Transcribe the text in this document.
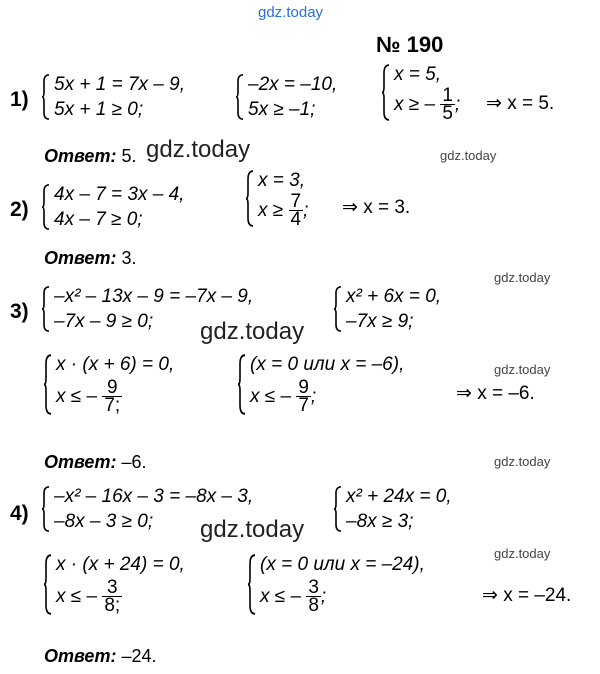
gdz.today
gdz.today	gdz.today
gdz.today
gdz.today
gdz.today
gdz.today
gdz.today
gdz.today
№ 190
1)
5x + 1 = 7x – 9,
5x + 1 ≥ 0;
–2x = –10,
5x ≥ –1;
x = 5,
x ≥ – $\frac{1}{5}$ ; ⇒ x = 5.
Ответ: 5.
2)
4x – 7 = 3x – 4,
4x – 7 ≥ 0;
x = 3,
$x \ge \frac{7}{4}$ ; ⇒ x = 3.
Ответ: 3.
3)
–x² – 13x – 9 = –7x – 9,
–7x – 9 ≥ 0;
x² + 6x = 0,
–7x ≥ 9;
x · (x + 6) = 0,
x ≤ – $\frac{9}{7;}$
(x = 0 или x = –6),
x ≤ – $\frac{9}{7}$ ;	⇒ x = –6.
Ответ: –6.
4)
–x² – 16x – 3 = –8x – 3,
–8x – 3 ≥ 0;
x² + 24x = 0,
–8x ≥ 3;
x · (x + 24) = 0,
x ≤ – $\frac{3}{8;}$
(x = 0 или x = –24),
x ≤ – $\frac{3}{8}$ ;	⇒ x = –24.
Ответ: –24.
